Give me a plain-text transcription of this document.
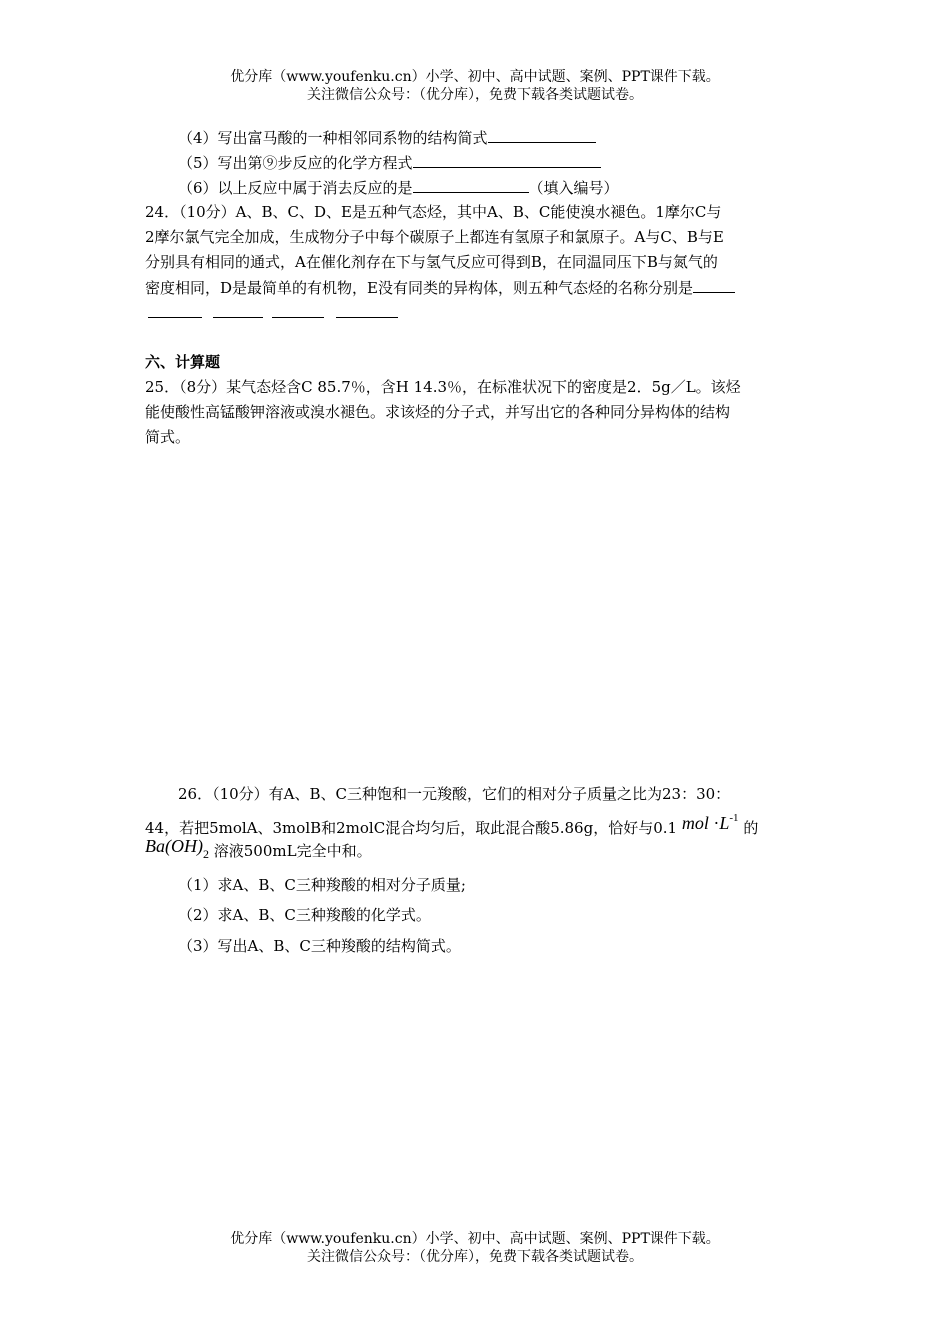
优分库（www.youfenku.cn）小学、初中、高中试题、案例、PPT课件下载。
关注微信公众号：（优分库），免费下载各类试题试卷。
（4）写出富马酸的一种相邻同系物的结构简式
（5）写出第⑨步反应的化学方程式
（6）以上反应中属于消去反应的是	（填入编号）
24．（10分）A、B、C、D、E是五种气态烃，其中A、B、C能使溴水褪色。1摩尔C与
2摩尔氯气完全加成，生成物分子中每个碳原子上都连有氢原子和氯原子。A与C、B与E
分别具有相同的通式，A在催化剂存在下与氢气反应可得到B，在同温同压下B与氮气的
密度相同，D是最简单的有机物，E没有同类的异构体，则五种气态烃的名称分别是

六、计算题
25．（8分）某气态烃含C 85.7％，含H 14.3％，在标准状况下的密度是2．5g／L。该烃
能使酸性高锰酸钾溶液或溴水褪色。求该烃的分子式，并写出它的各种同分异构体的结构
简式。
26．（10分）有A、B、C三种饱和一元羧酸，它们的相对分子质量之比为23：30：
44，若把5molA、3molB和2molC混合均匀后，取此混合酸5.86g，恰好与0.1 mol $\cdot L^{-1}$ 的
$Ba(OH)_2$ 溶液500mL完全中和。
（1）求A、B、C三种羧酸的相对分子质量;
（2）求A、B、C三种羧酸的化学式。
（3）写出A、B、C三种羧酸的结构简式。
优分库（www.youfenku.cn）小学、初中、高中试题、案例、PPT课件下载。
关注微信公众号：（优分库），免费下载各类试题试卷。
